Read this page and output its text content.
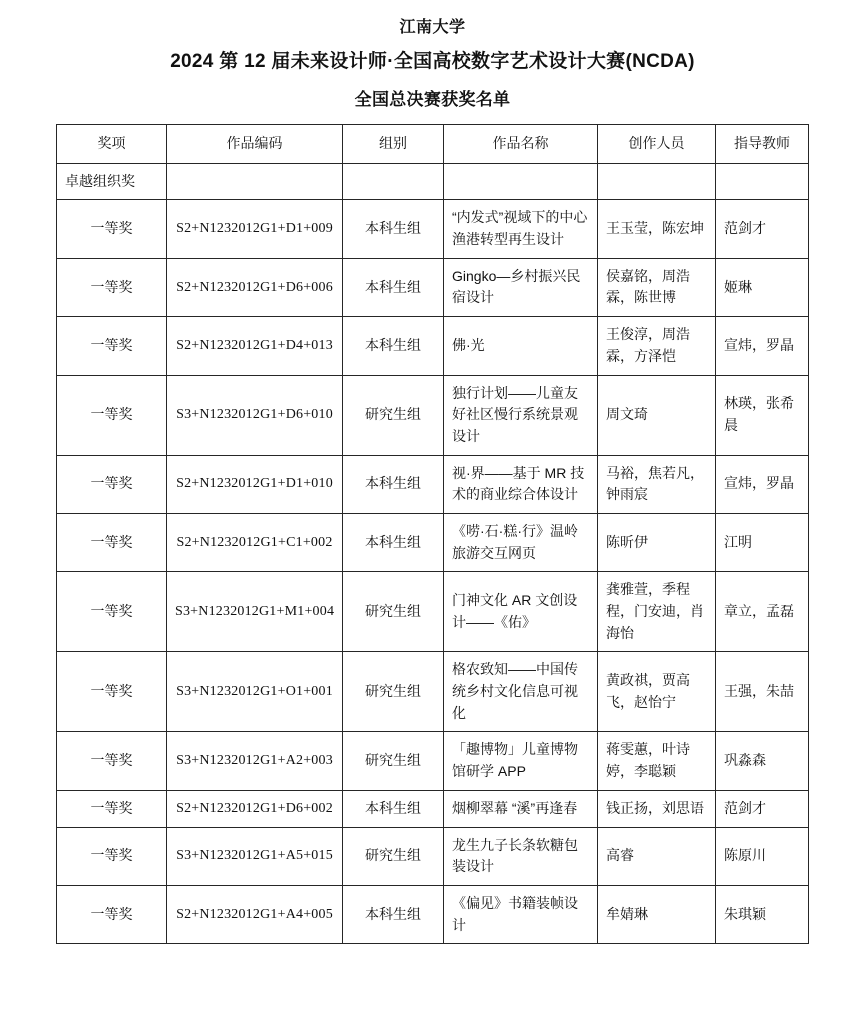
江南大学
2024 第 12 届未来设计师·全国高校数字艺术设计大赛(NCDA)
全国总决赛获奖名单
奖项	作品编码	组别	作品名称	创作人员	指导教师
卓越组织奖					
一等奖	S2+N1232012G1+D1+009	本科生组	“内发式”视域下的中心渔港转型再生设计	王玉莹，陈宏坤	范剑才
一等奖	S2+N1232012G1+D6+006	本科生组	Gingko—乡村振兴民宿设计	侯嘉铭，周浩霖，陈世博	姬琳
一等奖	S2+N1232012G1+D4+013	本科生组	佛·光	王俊淳，周浩霖，方泽恺	宣炜，罗晶
一等奖	S3+N1232012G1+D6+010	研究生组	独行计划——儿童友好社区慢行系统景观设计	周文琦	林瑛，张希晨
一等奖	S2+N1232012G1+D1+010	本科生组	视·界——基于 MR 技术的商业综合体设计	马裕，焦若凡，钟雨宸	宣炜，罗晶
一等奖	S2+N1232012G1+C1+002	本科生组	《唠·石·糕·行》温岭旅游交互网页	陈昕伊	江明
一等奖	S3+N1232012G1+M1+004	研究生组	门神文化 AR 文创设计——《佑》	龚雅萱，季程程，门安迪，肖海怡	章立，孟磊
一等奖	S3+N1232012G1+O1+001	研究生组	格农致知——中国传统乡村文化信息可视化	黄政祺，贾高飞，赵怡宁	王强，朱喆
一等奖	S3+N1232012G1+A2+003	研究生组	「趣博物」儿童博物馆研学 APP	蒋雯蕙，叶诗婷，李聪颖	巩淼森
一等奖	S2+N1232012G1+D6+002	本科生组	烟柳翠幕 “溪”再逢春	钱正扬，刘思语	范剑才
一等奖	S3+N1232012G1+A5+015	研究生组	龙生九子长条软糖包装设计	高睿	陈原川
一等奖	S2+N1232012G1+A4+005	本科生组	《偏见》书籍装帧设计	牟婧琳	朱琪颖
